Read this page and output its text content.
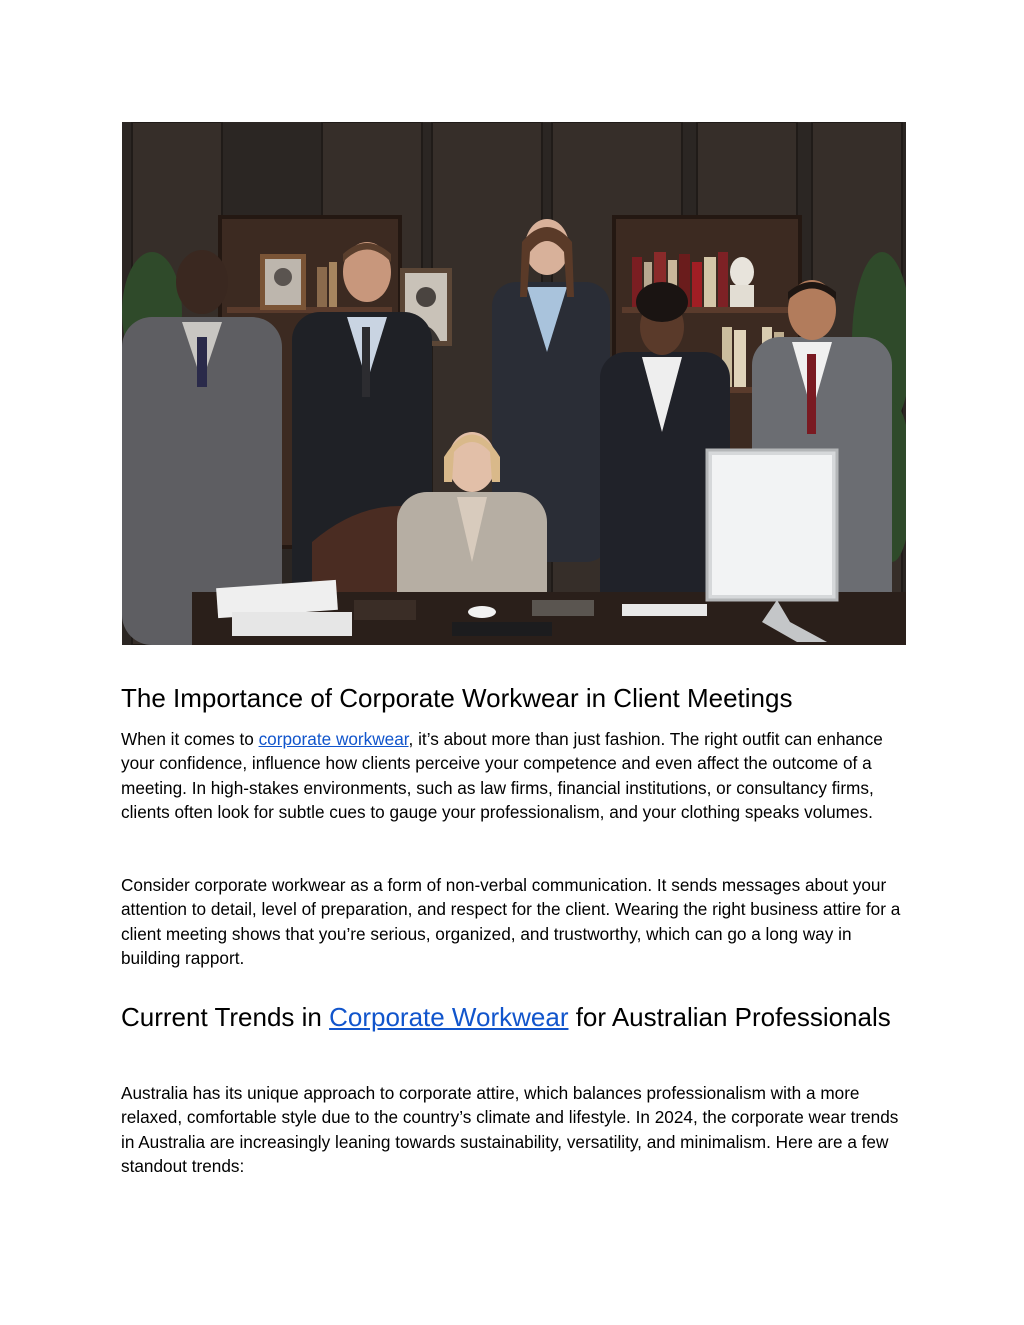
The Importance of Corporate Workwear in Client Meetings

When it comes to corporate workwear, it’s about more than just fashion. The right outfit can enhance your confidence, influence how clients perceive your competence and even affect the outcome of a meeting. In high-stakes environments, such as law firms, financial institutions, or consultancy firms, clients often look for subtle cues to gauge your professionalism, and your clothing speaks volumes.

Consider corporate workwear as a form of non-verbal communication. It sends messages about your attention to detail, level of preparation, and respect for the client. Wearing the right business attire for a client meeting shows that you’re serious, organized, and trustworthy, which can go a long way in building rapport.

Current Trends in Corporate Workwear for Australian Professionals

Australia has its unique approach to corporate attire, which balances professionalism with a more relaxed, comfortable style due to the country’s climate and lifestyle. In 2024, the corporate wear trends in Australia are increasingly leaning towards sustainability, versatility, and minimalism. Here are a few standout trends:
